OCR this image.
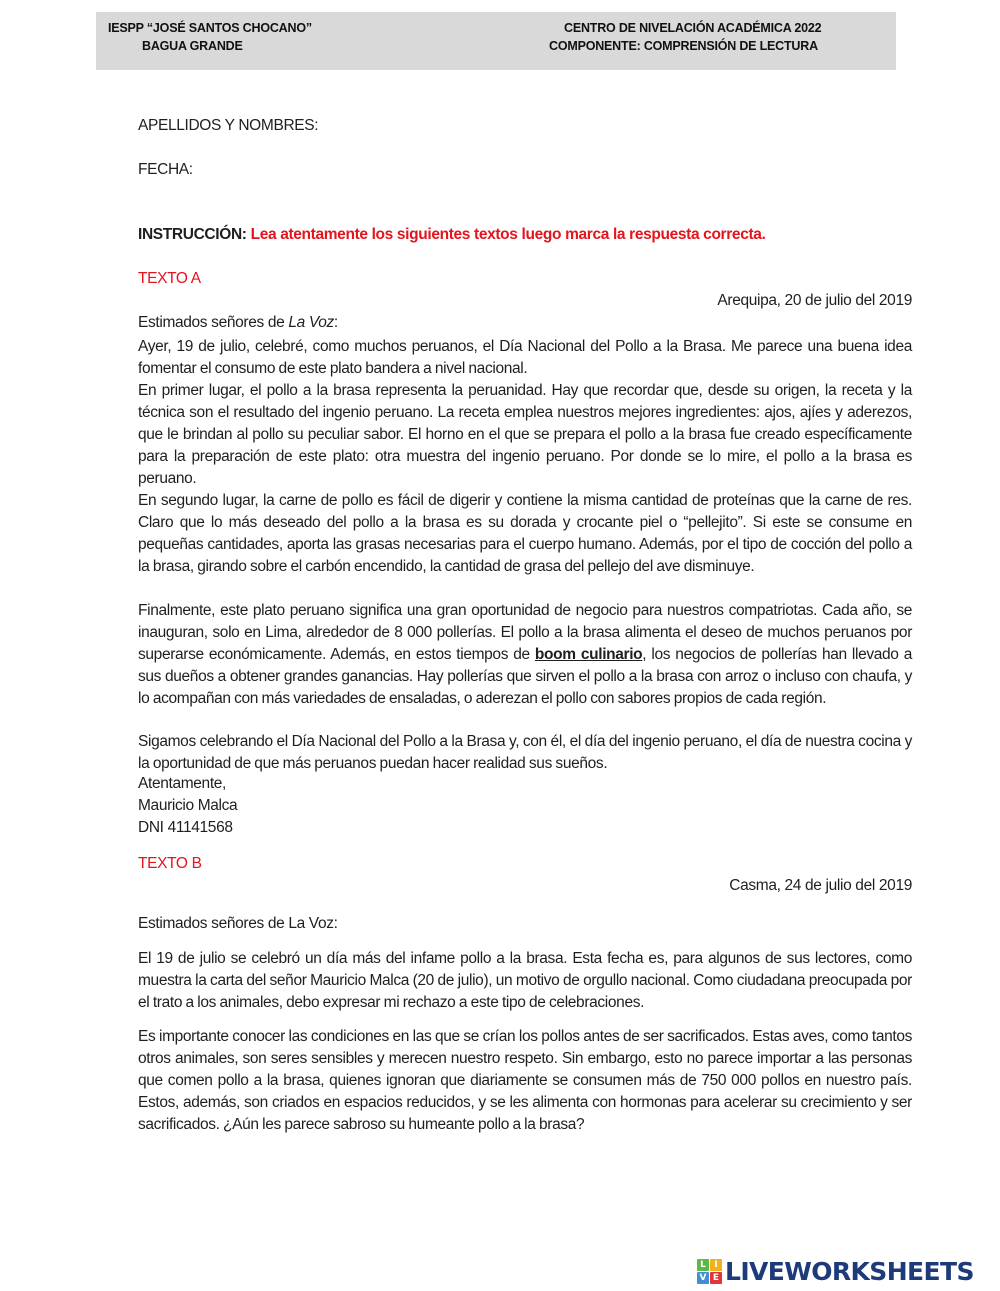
IESPP “JOSÉ SANTOS CHOCANO”
BAGUA GRANDE
CENTRO DE NIVELACIÓN ACADÉMICA 2022
COMPONENTE: COMPRENSIÓN DE LECTURA
APELLIDOS Y NOMBRES:
FECHA:
INSTRUCCIÓN: Lea atentamente los siguientes textos luego marca la respuesta correcta.
TEXTO A
Arequipa, 20 de julio del 2019
Estimados señores de La Voz:
Ayer, 19 de julio, celebré, como muchos peruanos, el Día Nacional del Pollo a la Brasa. Me parece una buena idea fomentar el consumo de este plato bandera a nivel nacional.
En primer lugar, el pollo a la brasa representa la peruanidad. Hay que recordar que, desde su origen, la receta y la técnica son el resultado del ingenio peruano. La receta emplea nuestros mejores ingredientes: ajos, ajíes y aderezos, que le brindan al pollo su peculiar sabor. El horno en el que se prepara el pollo a la brasa fue creado específicamente para la preparación de este plato: otra muestra del ingenio peruano. Por donde se lo mire, el pollo a la brasa es peruano.
En segundo lugar, la carne de pollo es fácil de digerir y contiene la misma cantidad de proteínas que la carne de res. Claro que lo más deseado del pollo a la brasa es su dorada y crocante piel o “pellejito”. Si este se consume en pequeñas cantidades, aporta las grasas necesarias para el cuerpo humano. Además, por el tipo de cocción del pollo a la brasa, girando sobre el carbón encendido, la cantidad de grasa del pellejo del ave disminuye.
Finalmente, este plato peruano significa una gran oportunidad de negocio para nuestros compatriotas. Cada año, se inauguran, solo en Lima, alrededor de 8 000 pollerías. El pollo a la brasa alimenta el deseo de muchos peruanos por superarse económicamente. Además, en estos tiempos de boom culinario, los negocios de pollerías han llevado a sus dueños a obtener grandes ganancias. Hay pollerías que sirven el pollo a la brasa con arroz o incluso con chaufa, y lo acompañan con más variedades de ensaladas, o aderezan el pollo con sabores propios de cada región.
Sigamos celebrando el Día Nacional del Pollo a la Brasa y, con él, el día del ingenio peruano, el día de nuestra cocina y la oportunidad de que más peruanos puedan hacer realidad sus sueños.
Atentamente,
Mauricio Malca
DNI 41141568
TEXTO B
Casma, 24 de julio del 2019
Estimados señores de La Voz:
El 19 de julio se celebró un día más del infame pollo a la brasa. Esta fecha es, para algunos de sus lectores, como muestra la carta del señor Mauricio Malca (20 de julio), un motivo de orgullo nacional. Como ciudadana preocupada por el trato a los animales, debo expresar mi rechazo a este tipo de celebraciones.
Es importante conocer las condiciones en las que se crían los pollos antes de ser sacrificados. Estas aves, como tantos otros animales, son seres sensibles y merecen nuestro respeto. Sin embargo, esto no parece importar a las personas que comen pollo a la brasa, quienes ignoran que diariamente se consumen más de 750 000 pollos en nuestro país. Estos, además, son criados en espacios reducidos, y se les alimenta con hormonas para acelerar su crecimiento y ser sacrificados. ¿Aún les parece sabroso su humeante pollo a la brasa?
L I
V E LIVEWORKSHEETS
